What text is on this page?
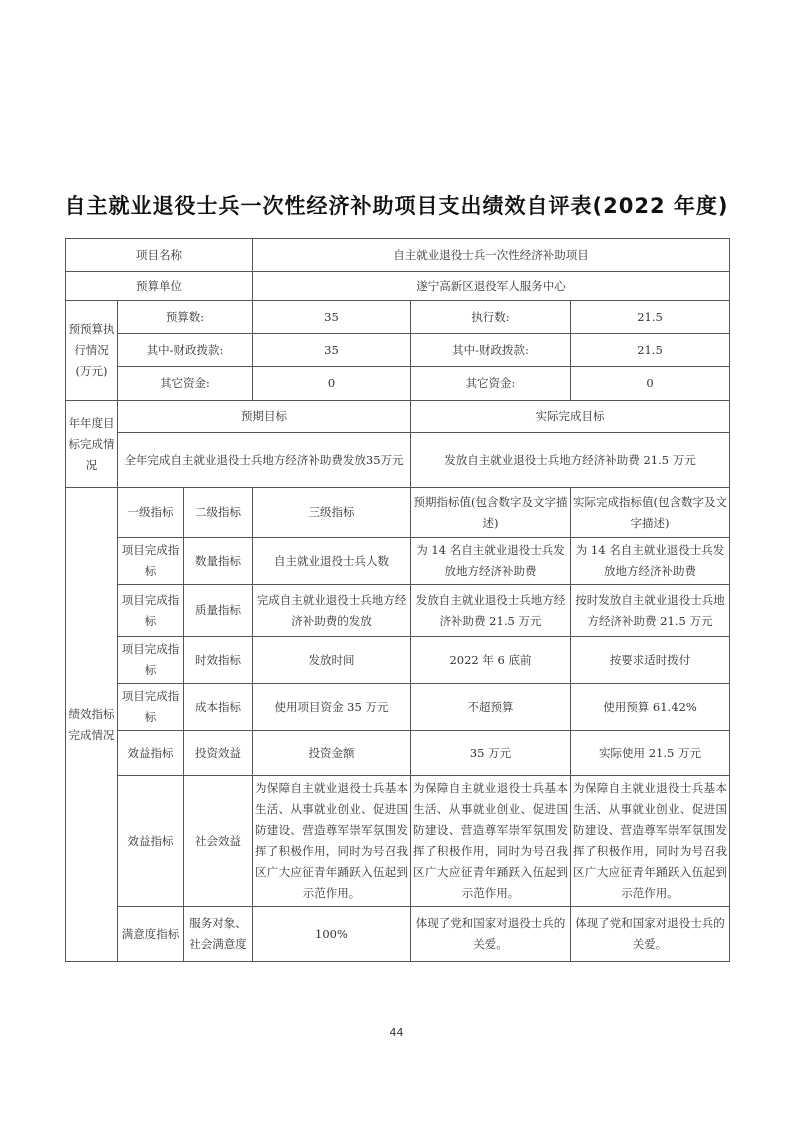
自主就业退役士兵一次性经济补助项目支出绩效自评表(2022 年度)
项目名称			自主就业退役士兵一次性经济补助项目		
预算单位			遂宁高新区退役军人服务中心		
预预算执行情况(万元)	预算数:		35	执行数:	21.5
	其中-财政拨款:		35	其中-财政拨款:	21.5
	其它资金:		0	其它资金:	0
年年度目标完成情况	预期目标			实际完成目标	
	全年完成自主就业退役士兵地方经济补助费发放35万元			发放自主就业退役士兵地方经济补助费 21.5 万元	
绩效指标完成情况	一级指标	二级指标	三级指标	预期指标值(包含数字及文字描述)	实际完成指标值(包含数字及文字描述)
	项目完成指标	数量指标	自主就业退役士兵人数	为 14 名自主就业退役士兵发放地方经济补助费	为 14 名自主就业退役士兵发放地方经济补助费
	项目完成指标	质量指标	完成自主就业退役士兵地方经济补助费的发放	发放自主就业退役士兵地方经济补助费 21.5 万元	按时发放自主就业退役士兵地方经济补助费 21.5 万元
	项目完成指标	时效指标	发放时间	2022 年 6 底前	按要求适时拨付
	项目完成指标	成本指标	使用项目资金 35 万元	不超预算	使用预算 61.42%
	效益指标	投资效益	投资金额	35 万元	实际使用 21.5 万元
	效益指标	社会效益	为保障自主就业退役士兵基本生活、从事就业创业、促进国防建设、营造尊军崇军氛围发挥了积极作用，同时为号召我区广大应征青年踊跃入伍起到示范作用。	为保障自主就业退役士兵基本生活、从事就业创业、促进国防建设、营造尊军崇军氛围发挥了积极作用，同时为号召我区广大应征青年踊跃入伍起到示范作用。	为保障自主就业退役士兵基本生活、从事就业创业、促进国防建设、营造尊军崇军氛围发挥了积极作用，同时为号召我区广大应征青年踊跃入伍起到示范作用。
	满意度指标	服务对象、社会满意度	100%	体现了党和国家对退役士兵的关爱。	体现了党和国家对退役士兵的关爱。
44
